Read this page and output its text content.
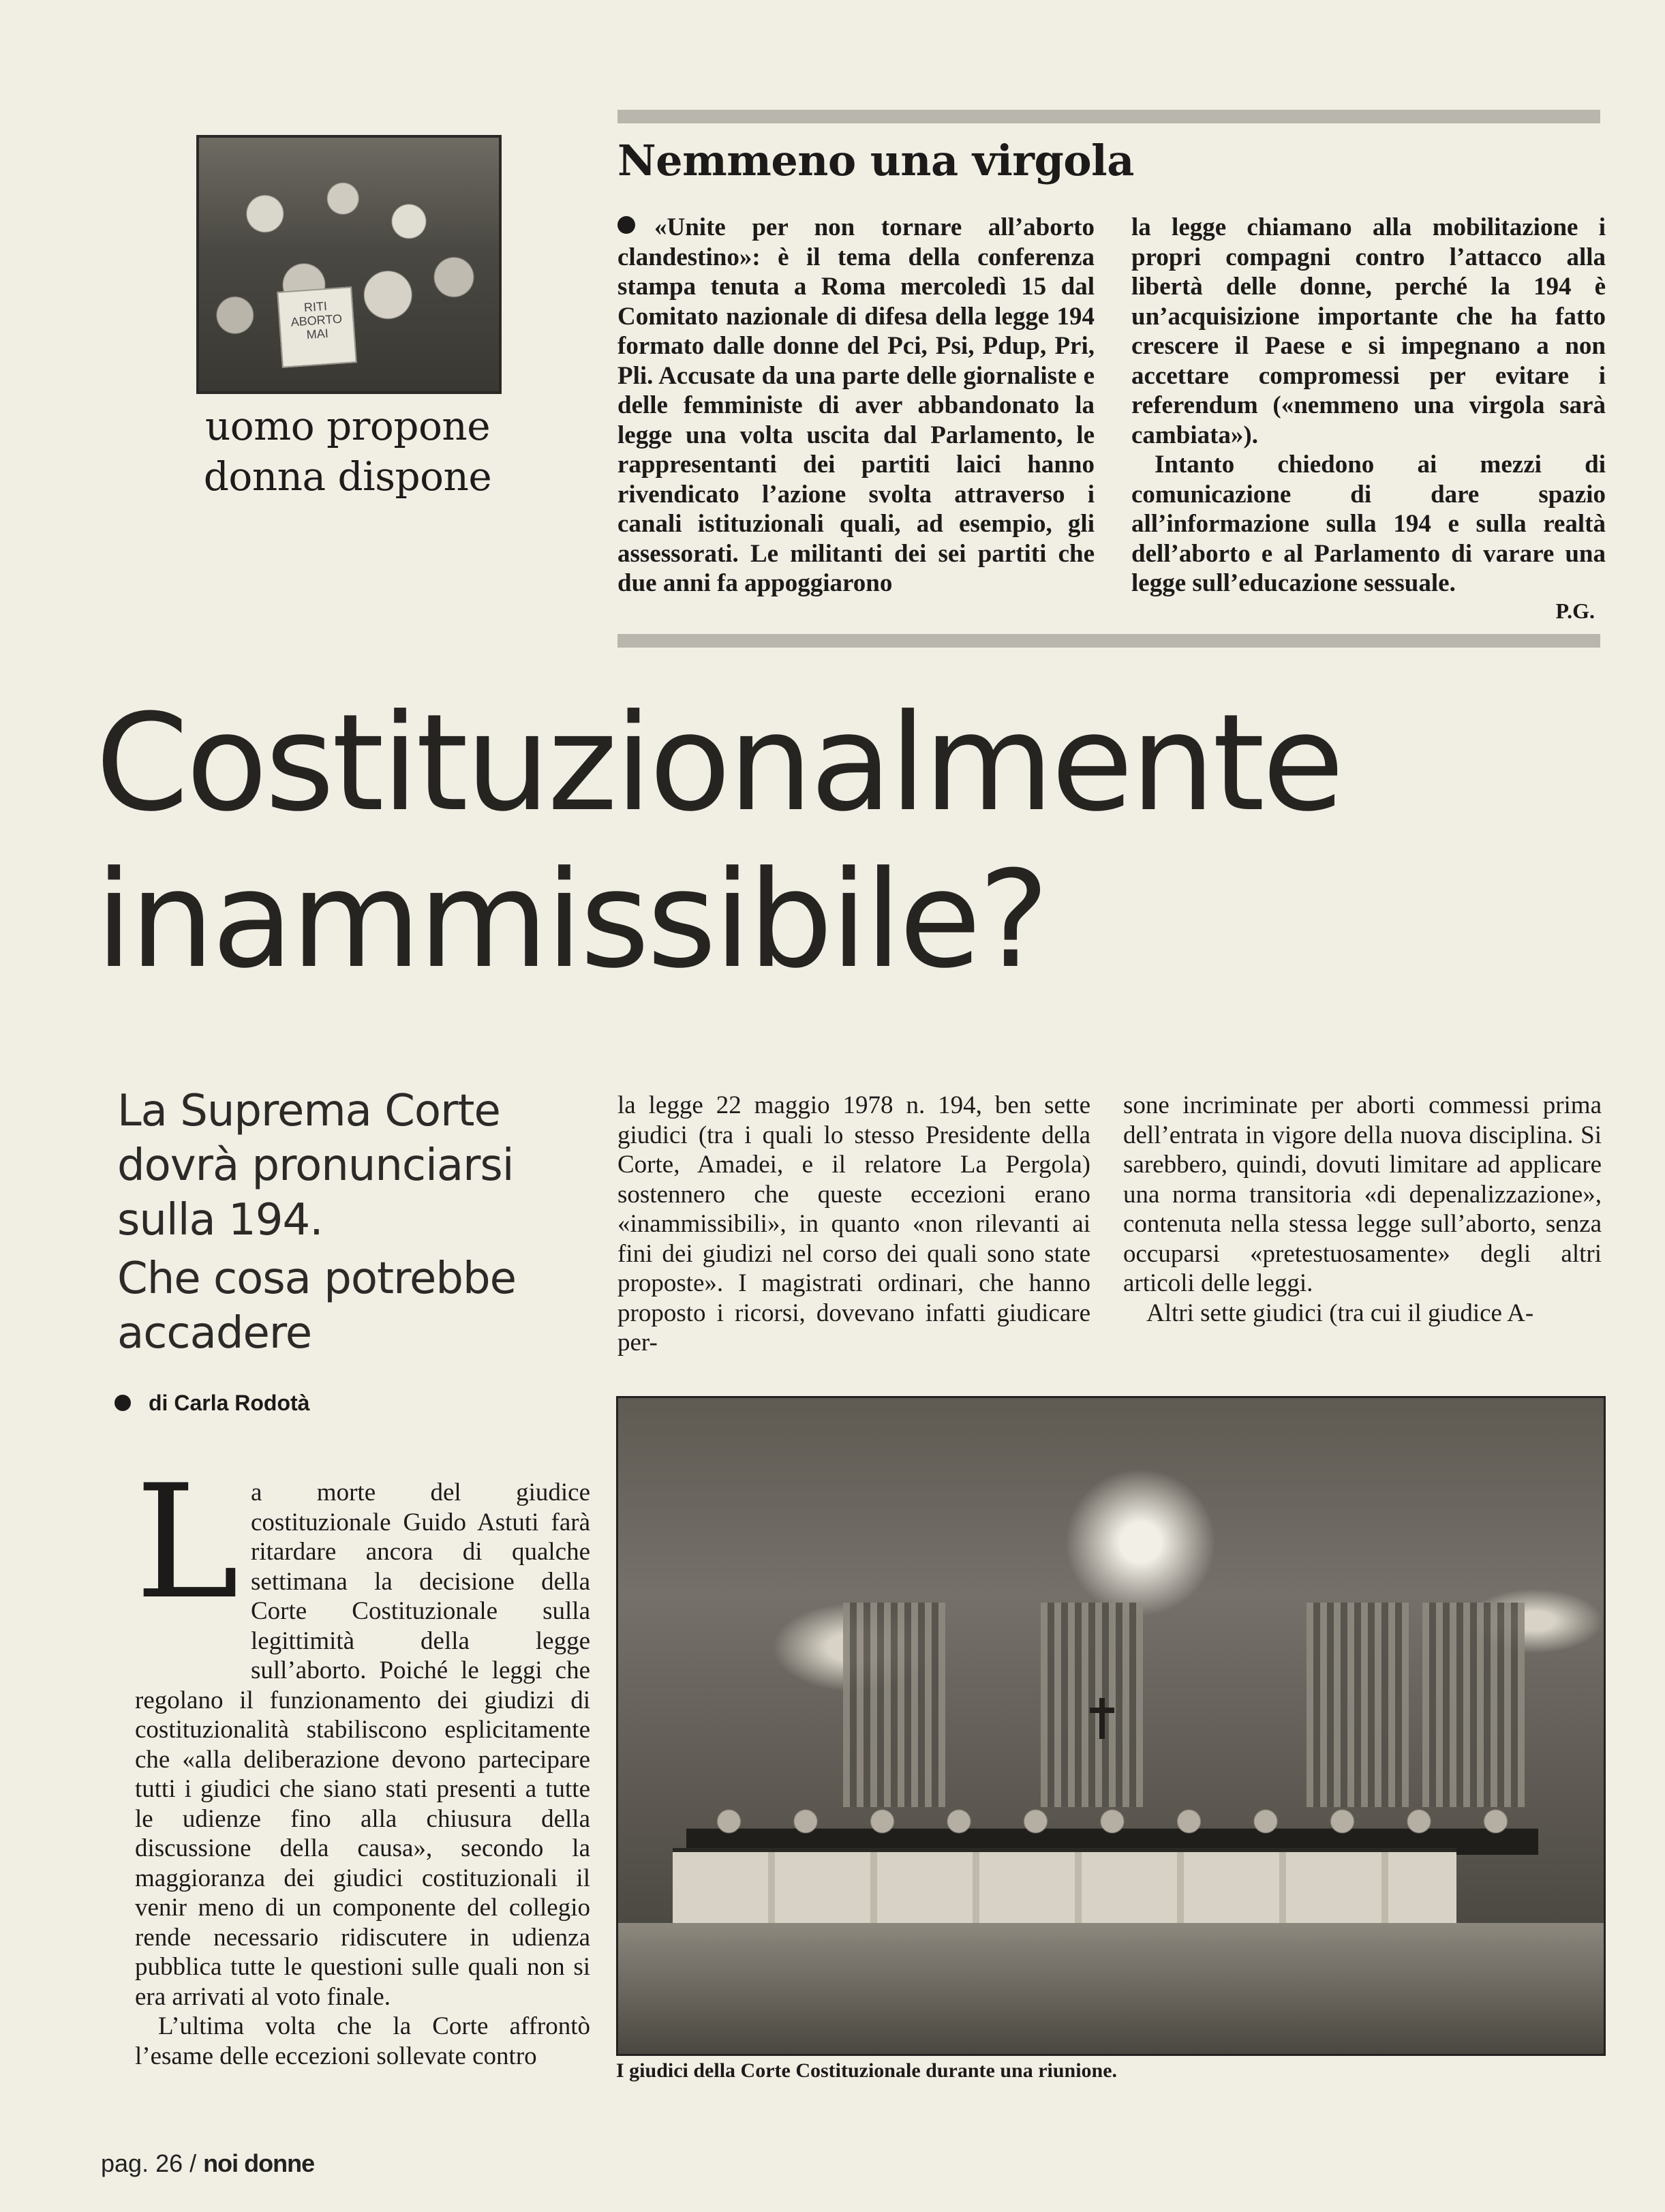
RITI
ABORTO
MAI
uomo propone
donna dispone
Nemmeno una virgola

«Unite per non tornare all’aborto clandestino»: è il tema della conferenza stampa tenuta a Roma mercoledì 15 dal Comitato nazionale di difesa della legge 194 formato dalle donne del Pci, Psi, Pdup, Pri, Pli. Accusate da una parte delle giornaliste e delle femministe di aver abbandonato la legge una volta uscita dal Parlamento, le rappresentanti dei partiti laici hanno rivendicato l’azione svolta attraverso i canali istituzionali quali, ad esempio, gli assessorati. Le militanti dei sei partiti che due anni fa appoggiarono

la legge chiamano alla mobilitazione i propri compagni contro l’attacco alla libertà delle donne, perché la 194 è un’acquisizione importante che ha fatto crescere il Paese e si impegnano a non accettare compromessi per evitare i referendum («nemmeno una virgola sarà cambiata»).

Intanto chiedono ai mezzi di comunicazione di dare spazio all’informazione sulla 194 e sulla realtà dell’aborto e al Parlamento di varare una legge sull’educazione sessuale.

P.G.
Costituzionalmente
inammissibile?
La Suprema Corte
dovrà pronunciarsi
sulla 194.
Che cosa potrebbe
accadere
di Carla Rodotà
L a morte del giudice costituzionale Guido Astuti farà ritardare ancora di qualche settimana la decisione della Corte Costituzionale sulla legittimità della legge sull’aborto. Poiché le leggi che regolano il funzionamento dei giudizi di costituzionalità stabiliscono esplicitamente che «alla deliberazione devono partecipare tutti i giudici che siano stati presenti a tutte le udienze fino alla chiusura della discussione della causa», secondo la maggioranza dei giudici costituzionali il venir meno di un componente del collegio rende necessario ridiscutere in udienza pubblica tutte le questioni sulle quali non si era arrivati al voto finale.

L’ultima volta che la Corte affrontò l’esame delle eccezioni sollevate contro

la legge 22 maggio 1978 n. 194, ben sette giudici (tra i quali lo stesso Presidente della Corte, Amadei, e il relatore La Pergola) sostennero che queste eccezioni erano «inammissibili», in quanto «non rilevanti ai fini dei giudizi nel corso dei quali sono state proposte». I magistrati ordinari, che hanno proposto i ricorsi, dovevano infatti giudicare per-

sone incriminate per aborti commessi prima dell’entrata in vigore della nuova disciplina. Si sarebbero, quindi, dovuti limitare ad applicare una norma transitoria «di depenalizzazione», contenuta nella stessa legge sull’aborto, senza occuparsi «pretestuosamente» degli altri articoli delle leggi.

Altri sette giudici (tra cui il giudice A-

I giudici della Corte Costituzionale durante una riunione.
pag. 26 / noi donne
